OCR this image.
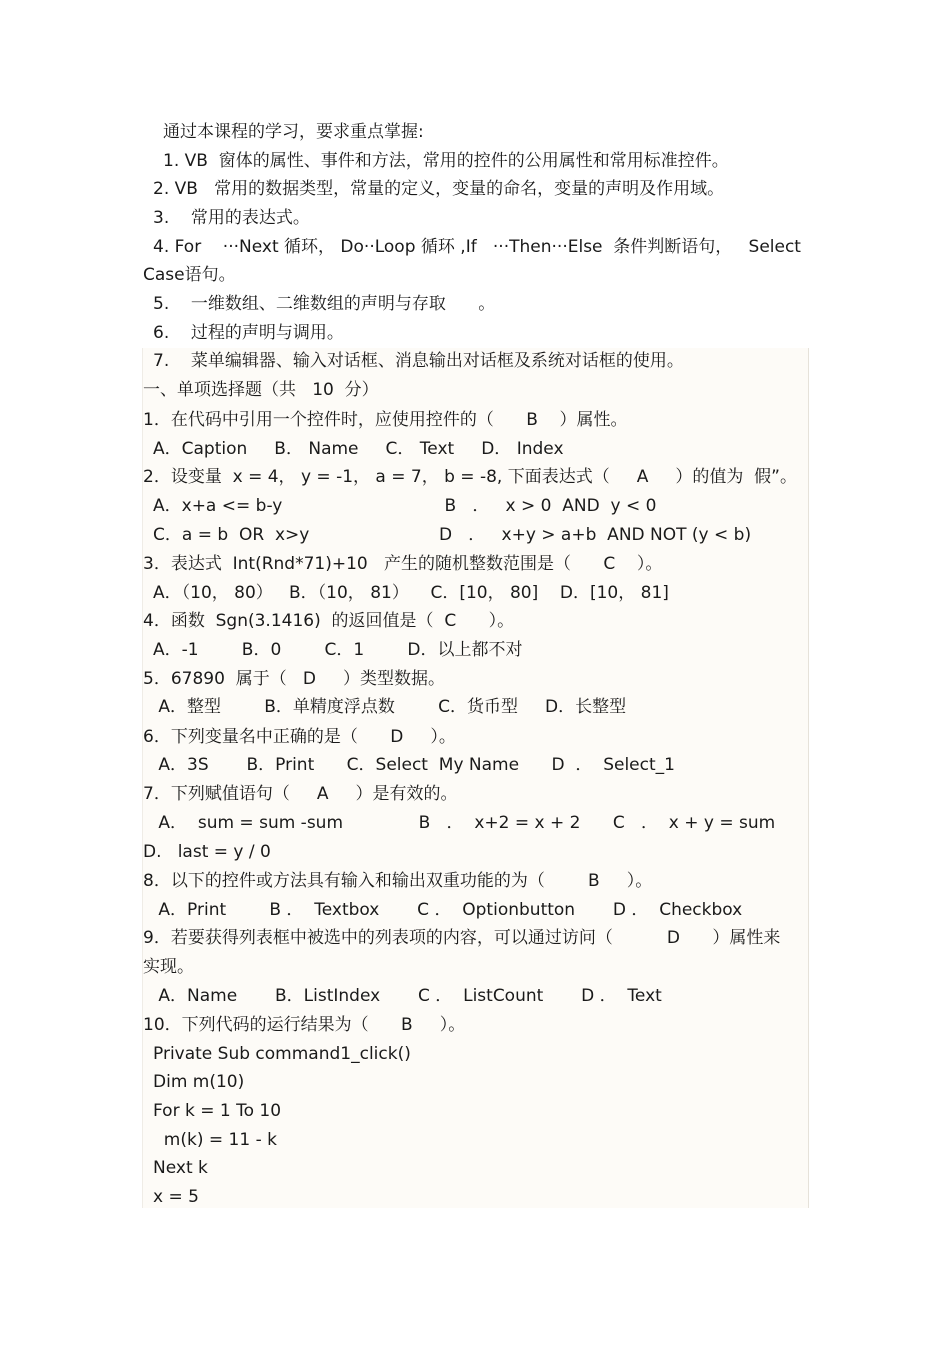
通过本课程的学习，要求重点掌握:
1. VB  窗体的属性、事件和方法，常用的控件的公用属性和常用标准控件。
2. VB   常用的数据类型，常量的定义，变量的命名，变量的声明及作用域。
3.    常用的表达式。
4. For    ···Next 循环， Do··Loop 循环 ,If   ···Then···Else  条件判断语句，   Select
Case语句。
5.    一维数组、二维数组的声明与存取      。
6.    过程的声明与调用。
7.    菜单编辑器、输入对话框、消息输出对话框及系统对话框的使用。
一、单项选择题（共   10  分）
1．在代码中引用一个控件时，应使用控件的（      B    ）属性。
A．Caption     B． Name     C． Text     D． Index
2．设变量  x = 4， y = -1， a = 7， b = -8, 下面表达式（     A     ）的值为  假”。
A．x+a <= b-y                              B   ．   x > 0  AND  y < 0
C．a = b  OR  x>y                        D   ．   x+y > a+b  AND NOT (y < b)
3．表达式  Int(Rnd*71)+10   产生的随机整数范围是（      C    ）。
A．（10， 80）   B．（10， 81）    C．[10， 80]    D．[10， 81]
4．函数  Sgn(3.1416)  的返回值是（  C      ）。
A．-1        B．0        C．1        D．以上都不对
5．67890  属于（   D     ）类型数据。
A．整型        B．单精度浮点数        C．货币型     D．长整型
6．下列变量名中正确的是（      D     ）。
A．3S       B．Print      C．Select  My Name      D  ．  Select_1
7．下列赋值语句（     A     ）是有效的。
A．  sum = sum -sum              B   ．  x+2 = x + 2      C   ．  x + y = sum
D.   last = y / 0
8．以下的控件或方法具有输入和输出双重功能的为（        B     ）。
A．Print        B ．  Textbox       C ．  Optionbutton       D ．  Checkbox
9．若要获得列表框中被选中的列表项的内容，可以通过访问（          D      ）属性来
实现。
A．Name       B．ListIndex       C ．  ListCount       D ．  Text
10．下列代码的运行结果为（      B     ）。
Private Sub command1_click()
Dim m(10)
For k = 1 To 10
m(k) = 11 - k
Next k
x = 5
